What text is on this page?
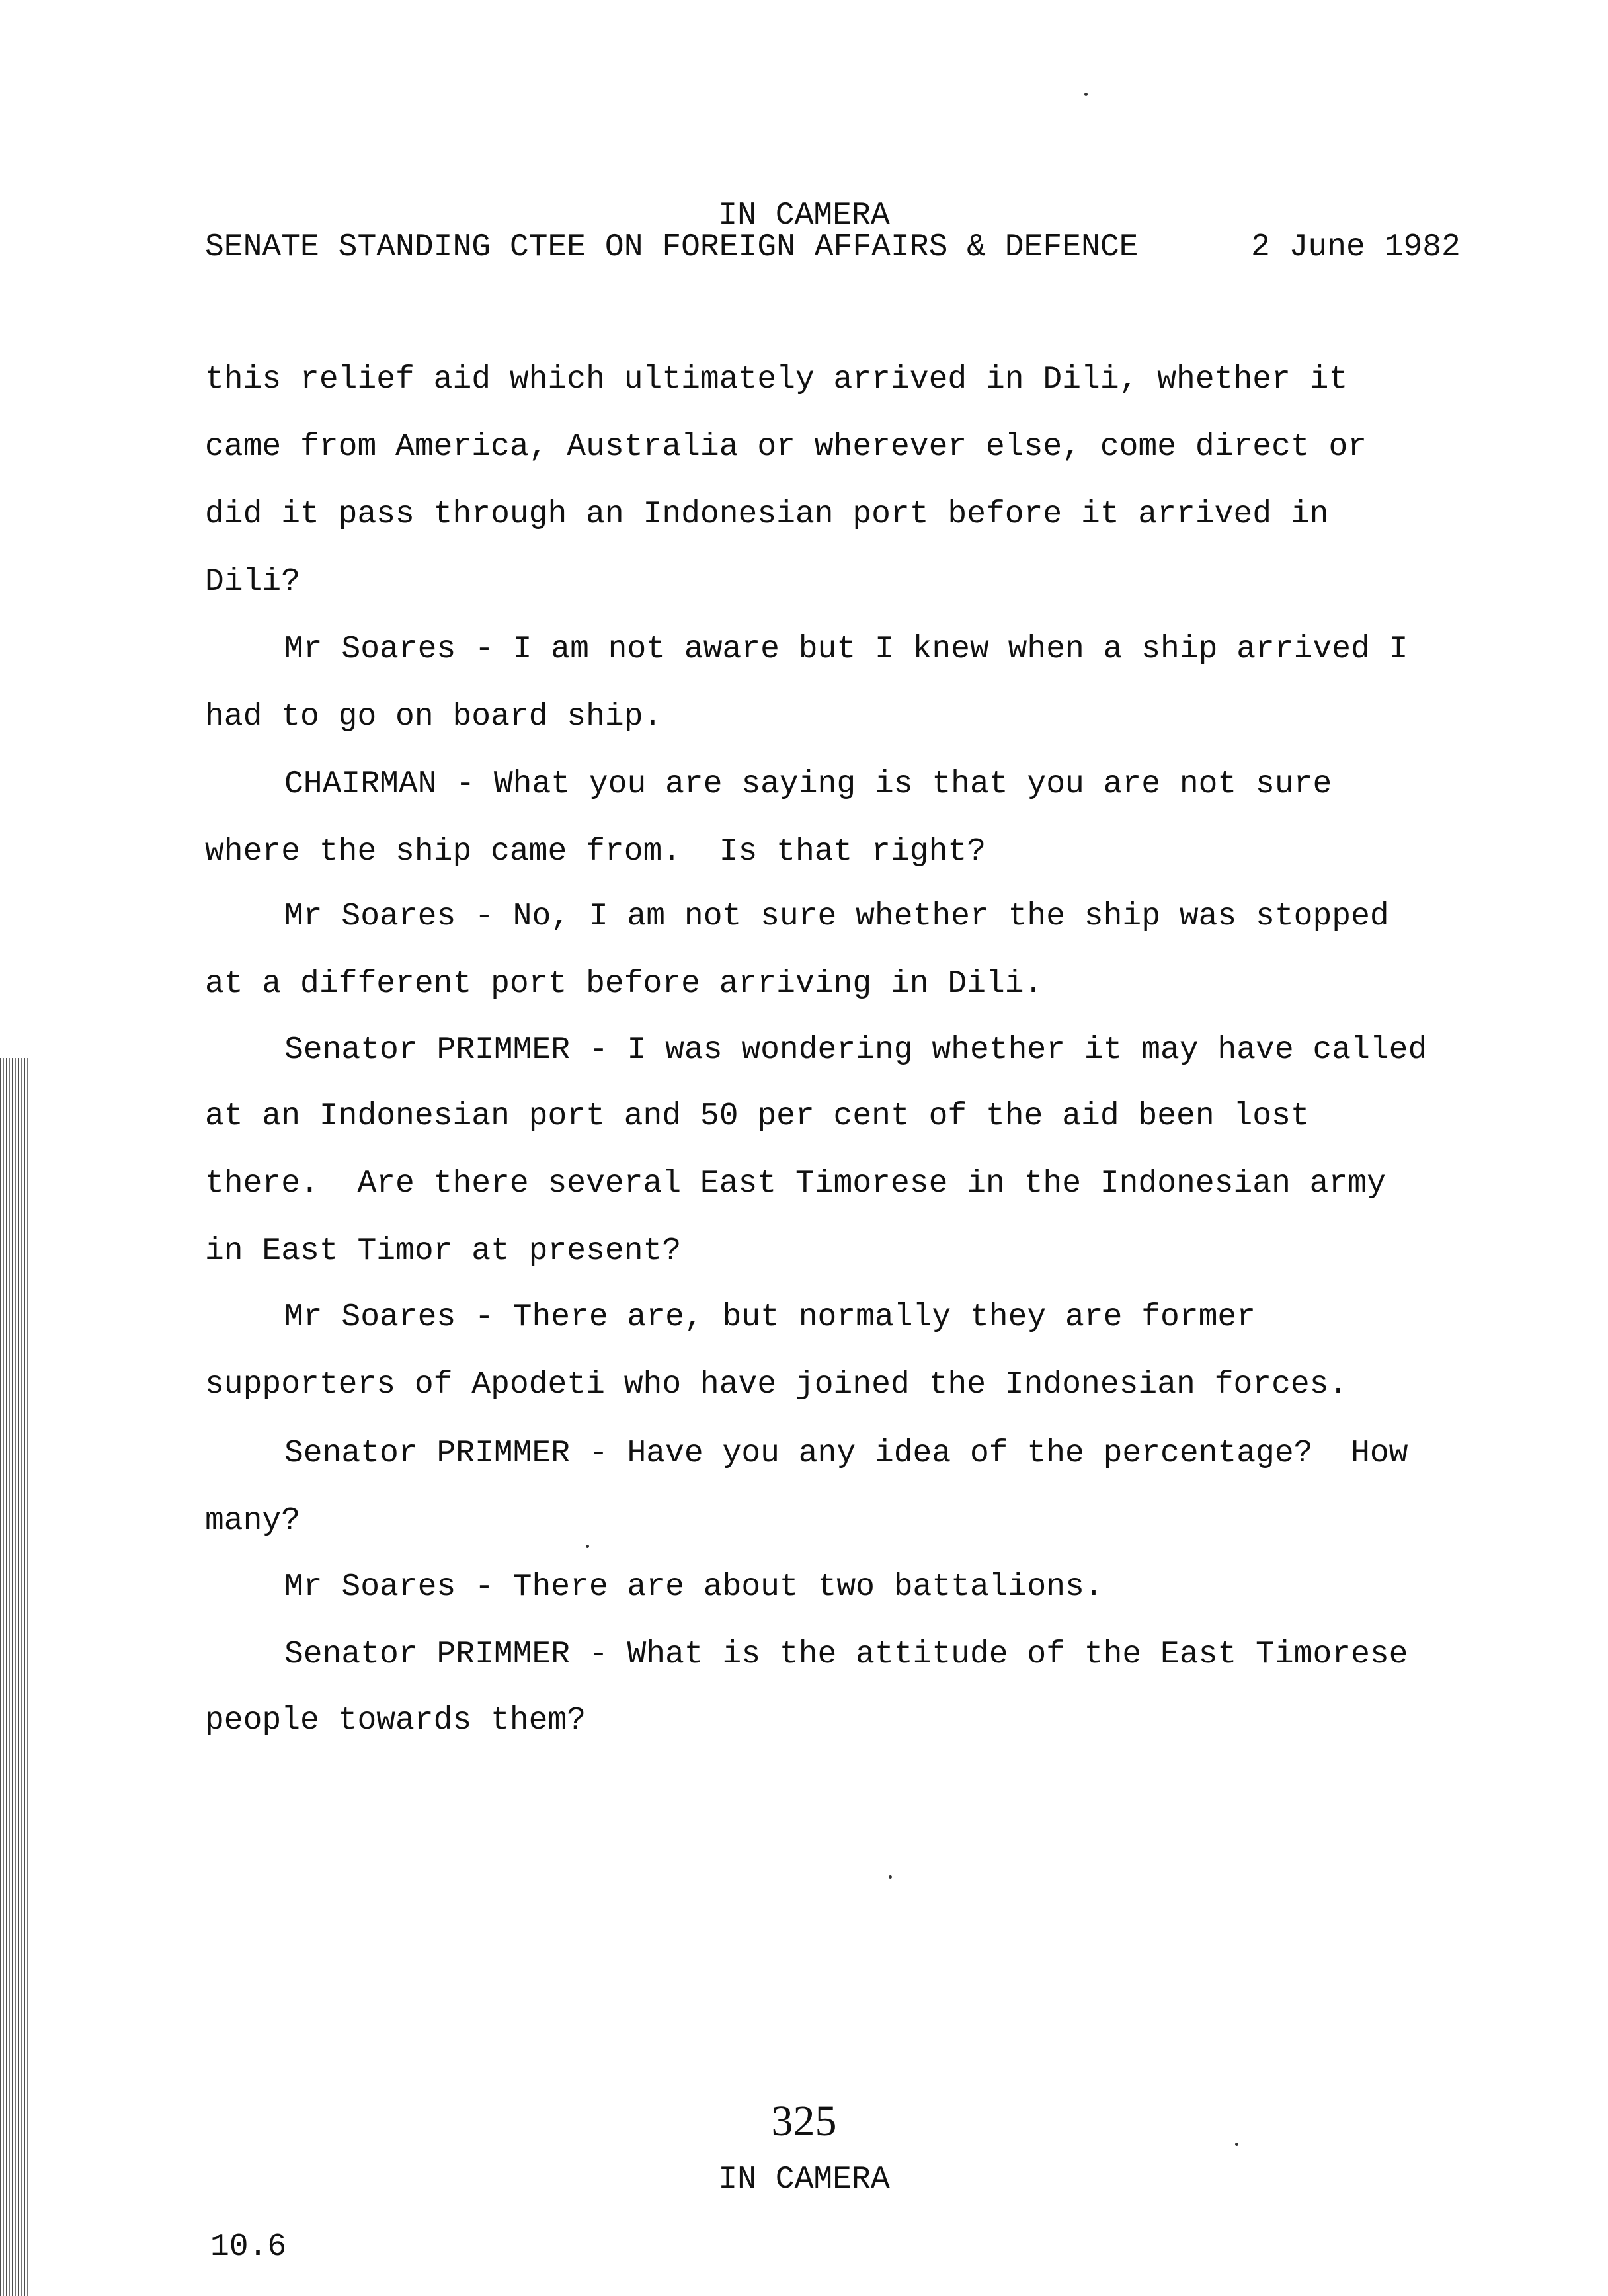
IN CAMERA

SENATE STANDING CTEE ON FOREIGN AFFAIRS & DEFENCE	2 June 1982

this relief aid which ultimately arrived in Dili, whether it

came from America, Australia or wherever else, come direct or

did it pass through an Indonesian port before it arrived in

Dili?

Mr Soares - I am not aware but I knew when a ship arrived I

had to go on board ship.

CHAIRMAN - What you are saying is that you are not sure

where the ship came from.  Is that right?

Mr Soares - No, I am not sure whether the ship was stopped

at a different port before arriving in Dili.

Senator PRIMMER - I was wondering whether it may have called

at an Indonesian port and 50 per cent of the aid been lost

there.  Are there several East Timorese in the Indonesian army

in East Timor at present?

Mr Soares - There are, but normally they are former

supporters of Apodeti who have joined the Indonesian forces.

Senator PRIMMER - Have you any idea of the percentage?  How

many?

Mr Soares - There are about two battalions.

Senator PRIMMER - What is the attitude of the East Timorese

people towards them?

325

IN CAMERA

10.6
